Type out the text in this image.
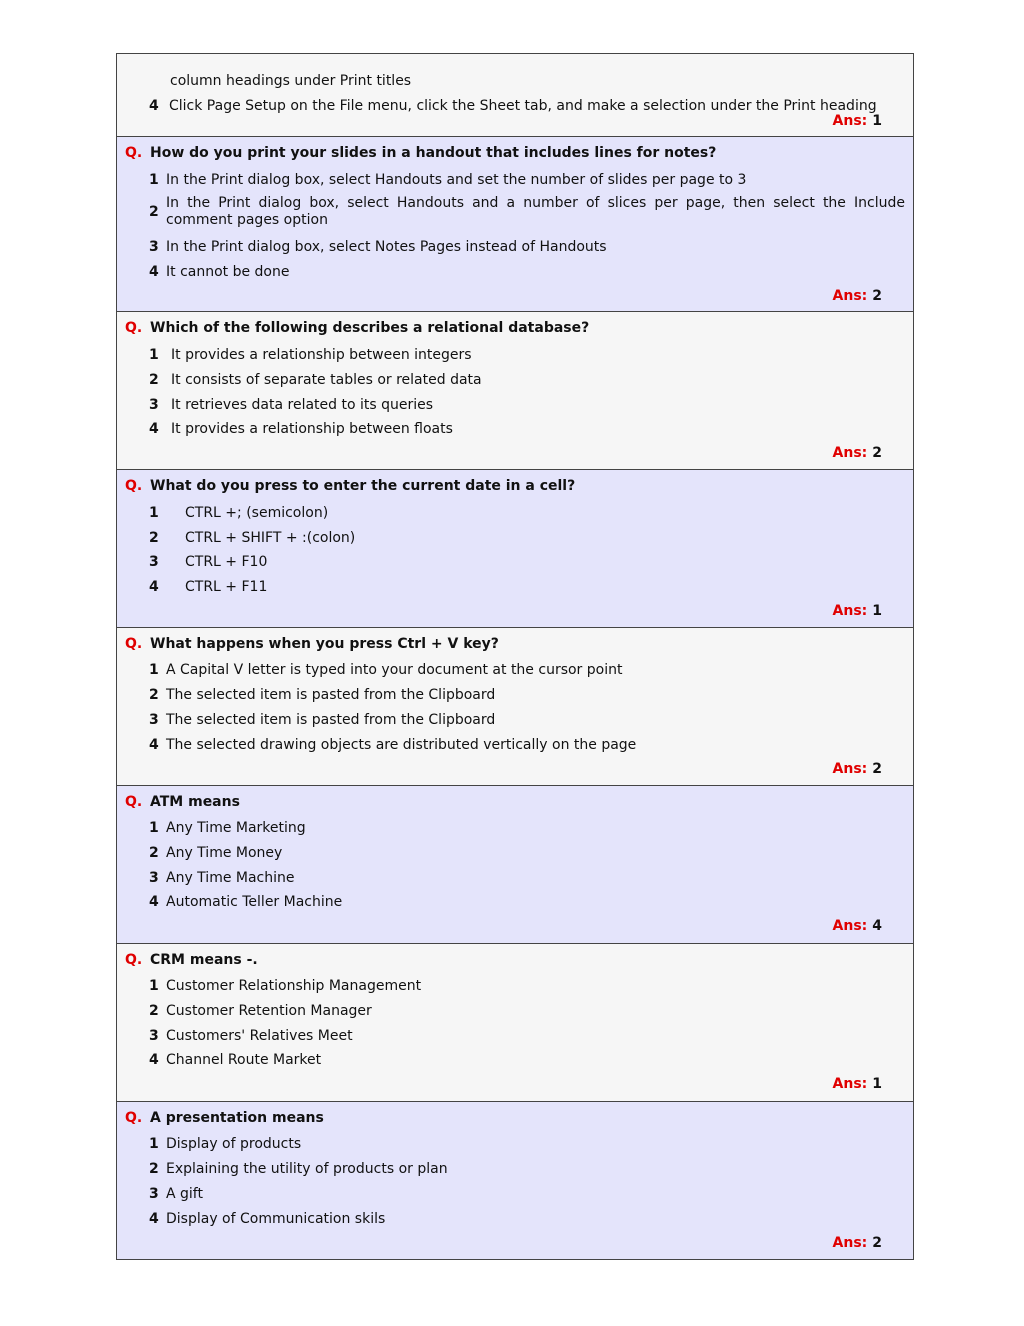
column headings under Print titles
4 Click Page Setup on the File menu, click the Sheet tab, and make a selection under the Print heading
Ans: 1
Q. How do you print your slides in a handout that includes lines for notes?
1 In the Print dialog box, select Handouts and set the number of slides per page to 3
2
In the Print dialog box, select Handouts and a number of slices per page, then select the Include comment pages option
3 In the Print dialog box, select Notes Pages instead of Handouts
4 It cannot be done
Ans: 2
Q. Which of the following describes a relational database?
1 It provides a relationship between integers
2 It consists of separate tables or related data
3 It retrieves data related to its queries
4 It provides a relationship between floats
Ans: 2
Q. What do you press to enter the current date in a cell?
1	CTRL +; (semicolon)
2	CTRL + SHIFT + :(colon)
3	CTRL + F10
4	CTRL + F11
Ans: 1
Q. What happens when you press Ctrl + V key?
1 A Capital V letter is typed into your document at the cursor point
2 The selected item is pasted from the Clipboard
3 The selected item is pasted from the Clipboard
4 The selected drawing objects are distributed vertically on the page
Ans: 2
Q. ATM means
1 Any Time Marketing
2 Any Time Money
3 Any Time Machine
4 Automatic Teller Machine
Ans: 4
Q. CRM means -.
1 Customer Relationship Management
2 Customer Retention Manager
3 Customers' Relatives Meet
4 Channel Route Market
Ans: 1
Q. A presentation means
1 Display of products
2 Explaining the utility of products or plan
3 A gift
4 Display of Communication skils
Ans: 2
